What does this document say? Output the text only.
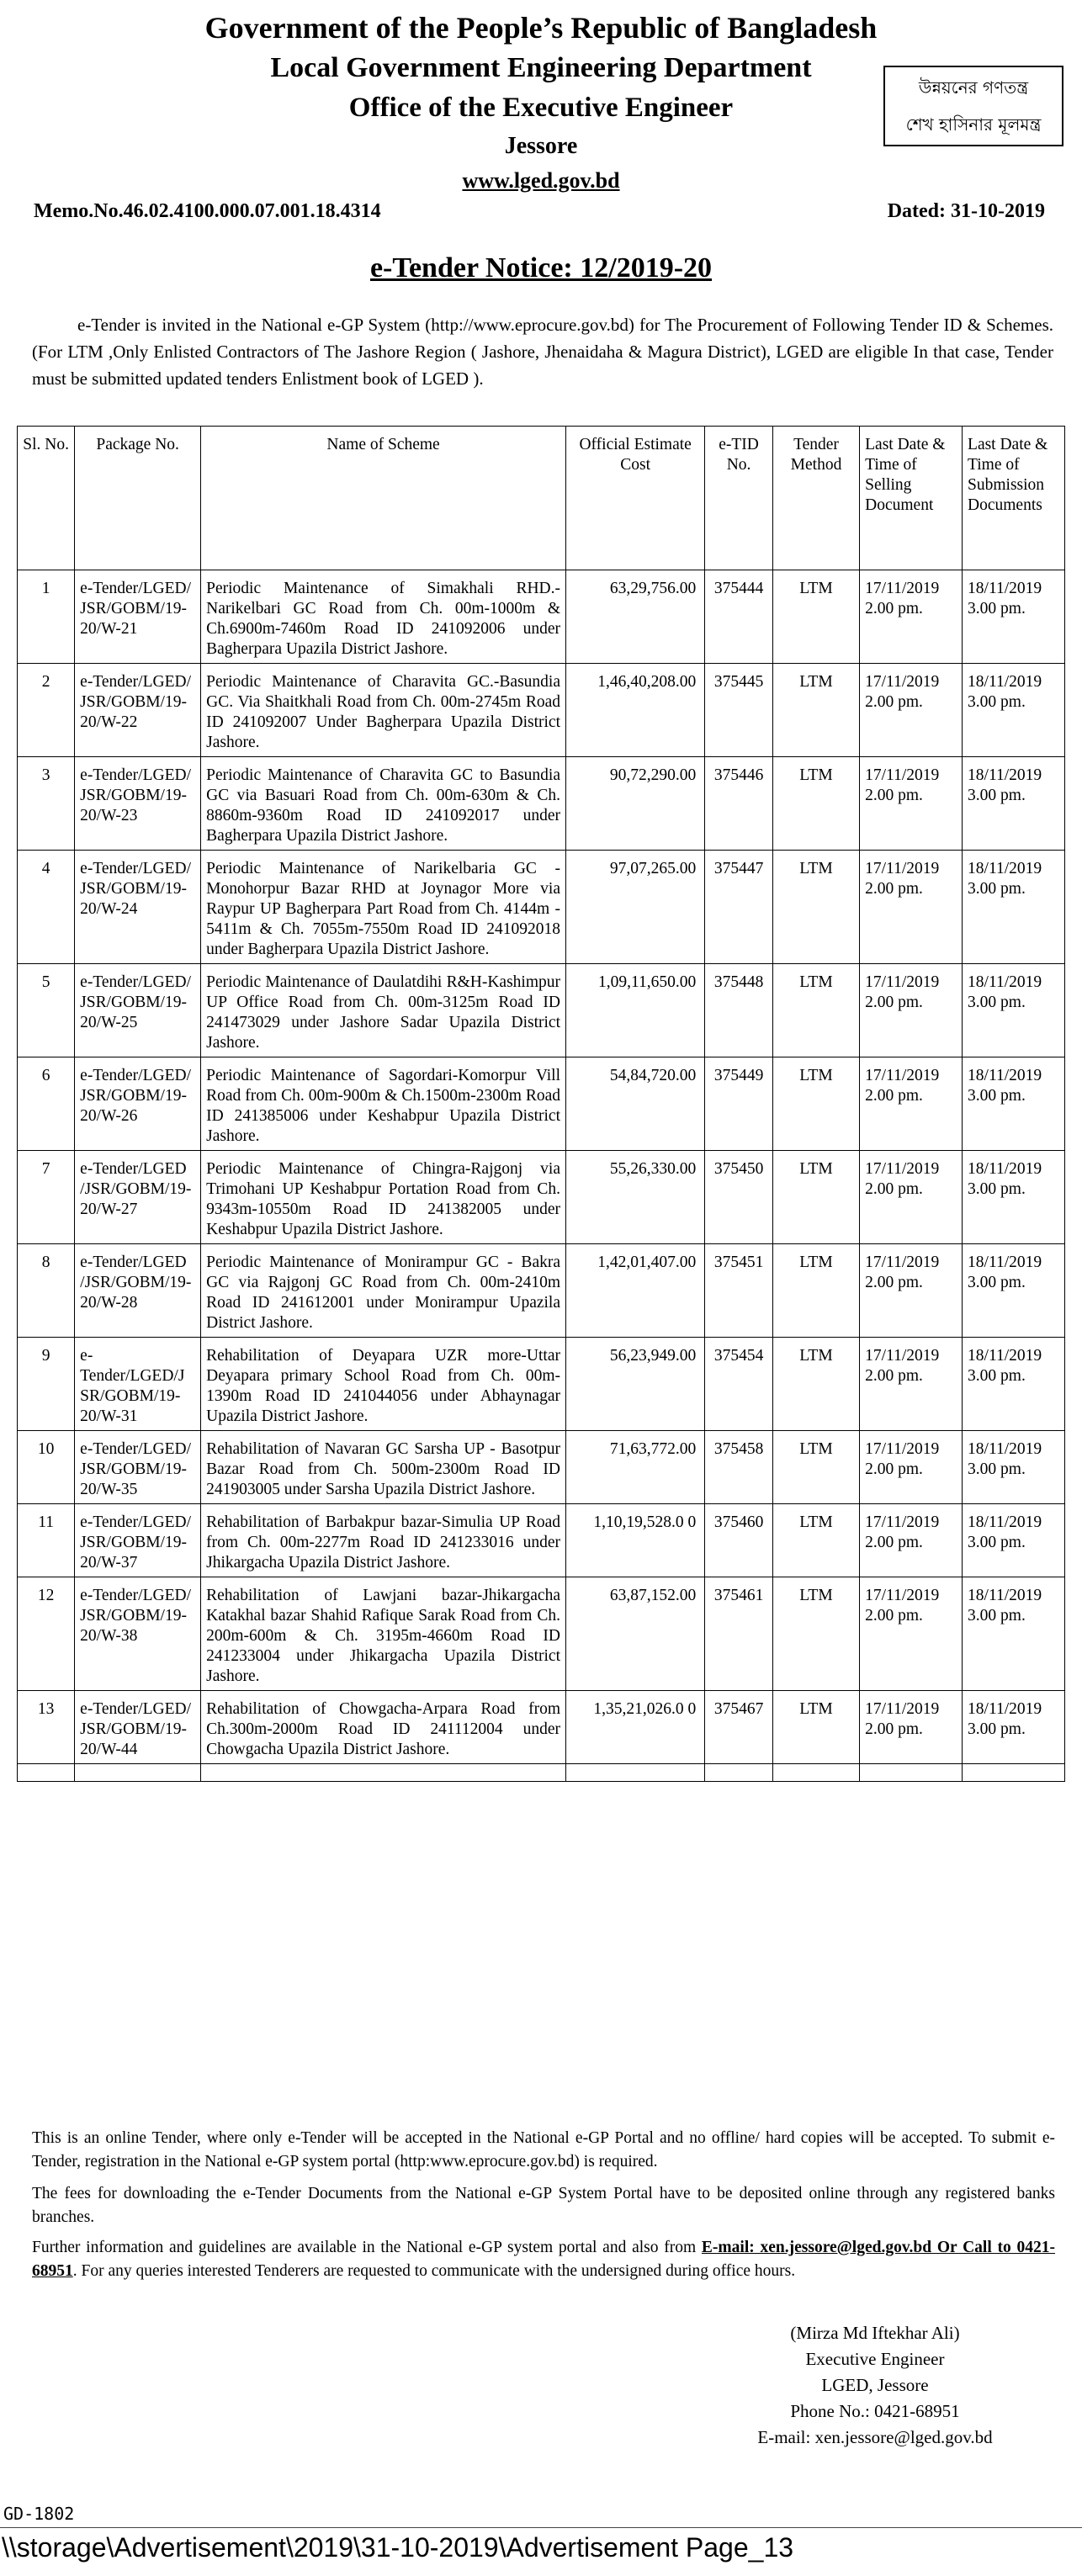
Government of the People’s Republic of Bangladesh
Local Government Engineering Department
Office of the Executive Engineer
Jessore
www.lged.gov.bd
উন্নয়নের গণতন্ত্র
শেখ হাসিনার মূলমন্ত্র
Memo.No.46.02.4100.000.07.001.18.4314	Dated: 31-10-2019
e-Tender Notice: 12/2019-20
e-Tender is invited in the National e-GP System (http://www.eprocure.gov.bd) for The Procurement of Following Tender ID & Schemes.(For LTM ,Only Enlisted Contractors of The Jashore Region ( Jashore, Jhenaidaha & Magura District), LGED are eligible In that case, Tender must be submitted updated tenders Enlistment book of LGED ).
Sl. No.	Package No.	Name of Scheme	Official Estimate Cost	e-TID No.	Tender Method	Last Date & Time of Selling Document	Last Date & Time of Submission Documents
1	e-Tender/LGED/ JSR/GOBM/19-20/W-21	Periodic Maintenance of Simakhali RHD.-Narikelbari GC Road from Ch. 00m-1000m & Ch.6900m-7460m Road ID 241092006 under Bagherpara Upazila District Jashore.	63,29,756.00	375444	LTM	17/11/2019 2.00 pm.	18/11/2019 3.00 pm.
2	e-Tender/LGED/ JSR/GOBM/19-20/W-22	Periodic Maintenance of Charavita GC.-Basundia GC. Via Shaitkhali Road from Ch. 00m-2745m Road ID 241092007 Under Bagherpara Upazila District Jashore.	1,46,40,208.00	375445	LTM	17/11/2019 2.00 pm.	18/11/2019 3.00 pm.
3	e-Tender/LGED/ JSR/GOBM/19-20/W-23	Periodic Maintenance of Charavita GC to Basundia GC via Basuari Road from Ch. 00m-630m & Ch. 8860m-9360m Road ID 241092017 under Bagherpara Upazila District Jashore.	90,72,290.00	375446	LTM	17/11/2019 2.00 pm.	18/11/2019 3.00 pm.
4	e-Tender/LGED/ JSR/GOBM/19-20/W-24	Periodic Maintenance of Narikelbaria GC - Monohorpur Bazar RHD at Joynagor More via Raypur UP Bagherpara Part Road from Ch. 4144m - 5411m & Ch. 7055m-7550m Road ID 241092018 under Bagherpara Upazila District Jashore.	97,07,265.00	375447	LTM	17/11/2019 2.00 pm.	18/11/2019 3.00 pm.
5	e-Tender/LGED/ JSR/GOBM/19-20/W-25	Periodic Maintenance of Daulatdihi R&H-Kashimpur UP Office Road from Ch. 00m-3125m Road ID 241473029 under Jashore Sadar Upazila District Jashore.	1,09,11,650.00	375448	LTM	17/11/2019 2.00 pm.	18/11/2019 3.00 pm.
6	e-Tender/LGED/ JSR/GOBM/19-20/W-26	Periodic Maintenance of Sagordari-Komorpur Vill Road from Ch. 00m-900m & Ch.1500m-2300m Road ID 241385006 under Keshabpur Upazila District Jashore.	54,84,720.00	375449	LTM	17/11/2019 2.00 pm.	18/11/2019 3.00 pm.
7	e-Tender/LGED /JSR/GOBM/19-20/W-27	Periodic Maintenance of Chingra-Rajgonj via Trimohani UP Keshabpur Portation Road from Ch. 9343m-10550m Road ID 241382005 under Keshabpur Upazila District Jashore.	55,26,330.00	375450	LTM	17/11/2019 2.00 pm.	18/11/2019 3.00 pm.
8	e-Tender/LGED /JSR/GOBM/19-20/W-28	Periodic Maintenance of Monirampur GC - Bakra GC via Rajgonj GC Road from Ch. 00m-2410m Road ID 241612001 under Monirampur Upazila District Jashore.	1,42,01,407.00	375451	LTM	17/11/2019 2.00 pm.	18/11/2019 3.00 pm.
9	e-Tender/LGED/J SR/GOBM/19-20/W-31	Rehabilitation of Deyapara UZR more-Uttar Deyapara primary School Road from Ch. 00m-1390m Road ID 241044056 under Abhaynagar Upazila District Jashore.	56,23,949.00	375454	LTM	17/11/2019 2.00 pm.	18/11/2019 3.00 pm.
10	e-Tender/LGED/ JSR/GOBM/19-20/W-35	Rehabilitation of Navaran GC Sarsha UP - Basotpur Bazar Road from Ch. 500m-2300m Road ID 241903005 under Sarsha Upazila District Jashore.	71,63,772.00	375458	LTM	17/11/2019 2.00 pm.	18/11/2019 3.00 pm.
11	e-Tender/LGED/ JSR/GOBM/19-20/W-37	Rehabilitation of Barbakpur bazar-Simulia UP Road from Ch. 00m-2277m Road ID 241233016 under Jhikargacha Upazila District Jashore.	1,10,19,528.0 0	375460	LTM	17/11/2019 2.00 pm.	18/11/2019 3.00 pm.
12	e-Tender/LGED/ JSR/GOBM/19-20/W-38	Rehabilitation of Lawjani bazar-Jhikargacha Katakhal bazar Shahid Rafique Sarak Road from Ch. 200m-600m & Ch. 3195m-4660m Road ID 241233004 under Jhikargacha Upazila District Jashore.	63,87,152.00	375461	LTM	17/11/2019 2.00 pm.	18/11/2019 3.00 pm.
13	e-Tender/LGED/ JSR/GOBM/19-20/W-44	Rehabilitation of Chowgacha-Arpara Road from Ch.300m-2000m Road ID 241112004 under Chowgacha Upazila District Jashore.	1,35,21,026.0 0	375467	LTM	17/11/2019 2.00 pm.	18/11/2019 3.00 pm.

This is an online Tender, where only e-Tender will be accepted in the National e-GP Portal and no offline/ hard copies will be accepted. To submit e-Tender, registration in the National e-GP system portal (http:www.eprocure.gov.bd) is required.
The fees for downloading the e-Tender Documents from the National e-GP System Portal have to be deposited online through any registered banks branches.
Further information and guidelines are available in the National e-GP system portal and also from E-mail: xen.jessore@lged.gov.bd Or Call to 0421-68951. For any queries interested Tenderers are requested to communicate with the undersigned during office hours.
(Mirza Md Iftekhar Ali)
Executive Engineer
LGED, Jessore
Phone No.: 0421-68951
E-mail: xen.jessore@lged.gov.bd
GD-1802
\\storage\Advertisement\2019\31-10-2019\Advertisement Page_13
